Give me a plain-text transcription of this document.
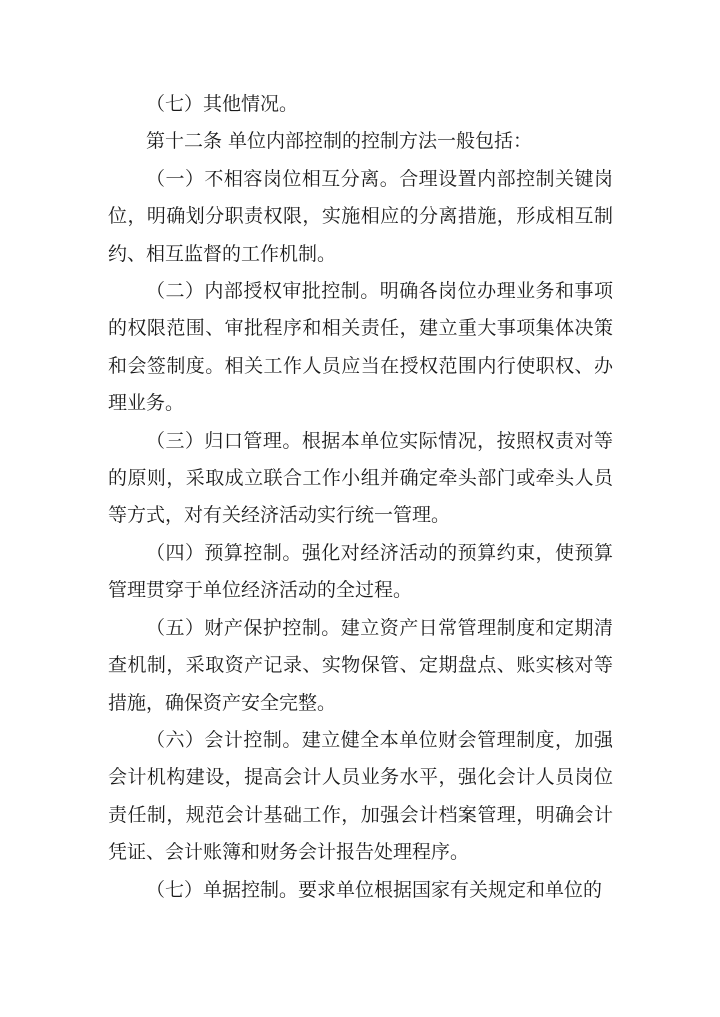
（七）其他情况。

第十二条 单位内部控制的控制方法一般包括：

（一）不相容岗位相互分离。合理设置内部控制关键岗位，明确划分职责权限，实施相应的分离措施，形成相互制约、相互监督的工作机制。

（二）内部授权审批控制。明确各岗位办理业务和事项的权限范围、审批程序和相关责任，建立重大事项集体决策和会签制度。相关工作人员应当在授权范围内行使职权、办理业务。

（三）归口管理。根据本单位实际情况，按照权责对等的原则，采取成立联合工作小组并确定牵头部门或牵头人员等方式，对有关经济活动实行统一管理。

（四）预算控制。强化对经济活动的预算约束，使预算管理贯穿于单位经济活动的全过程。

（五）财产保护控制。建立资产日常管理制度和定期清查机制，采取资产记录、实物保管、定期盘点、账实核对等措施，确保资产安全完整。

（六）会计控制。建立健全本单位财会管理制度，加强会计机构建设，提高会计人员业务水平，强化会计人员岗位责任制，规范会计基础工作，加强会计档案管理，明确会计凭证、会计账簿和财务会计报告处理程序。

（七）单据控制。要求单位根据国家有关规定和单位的
